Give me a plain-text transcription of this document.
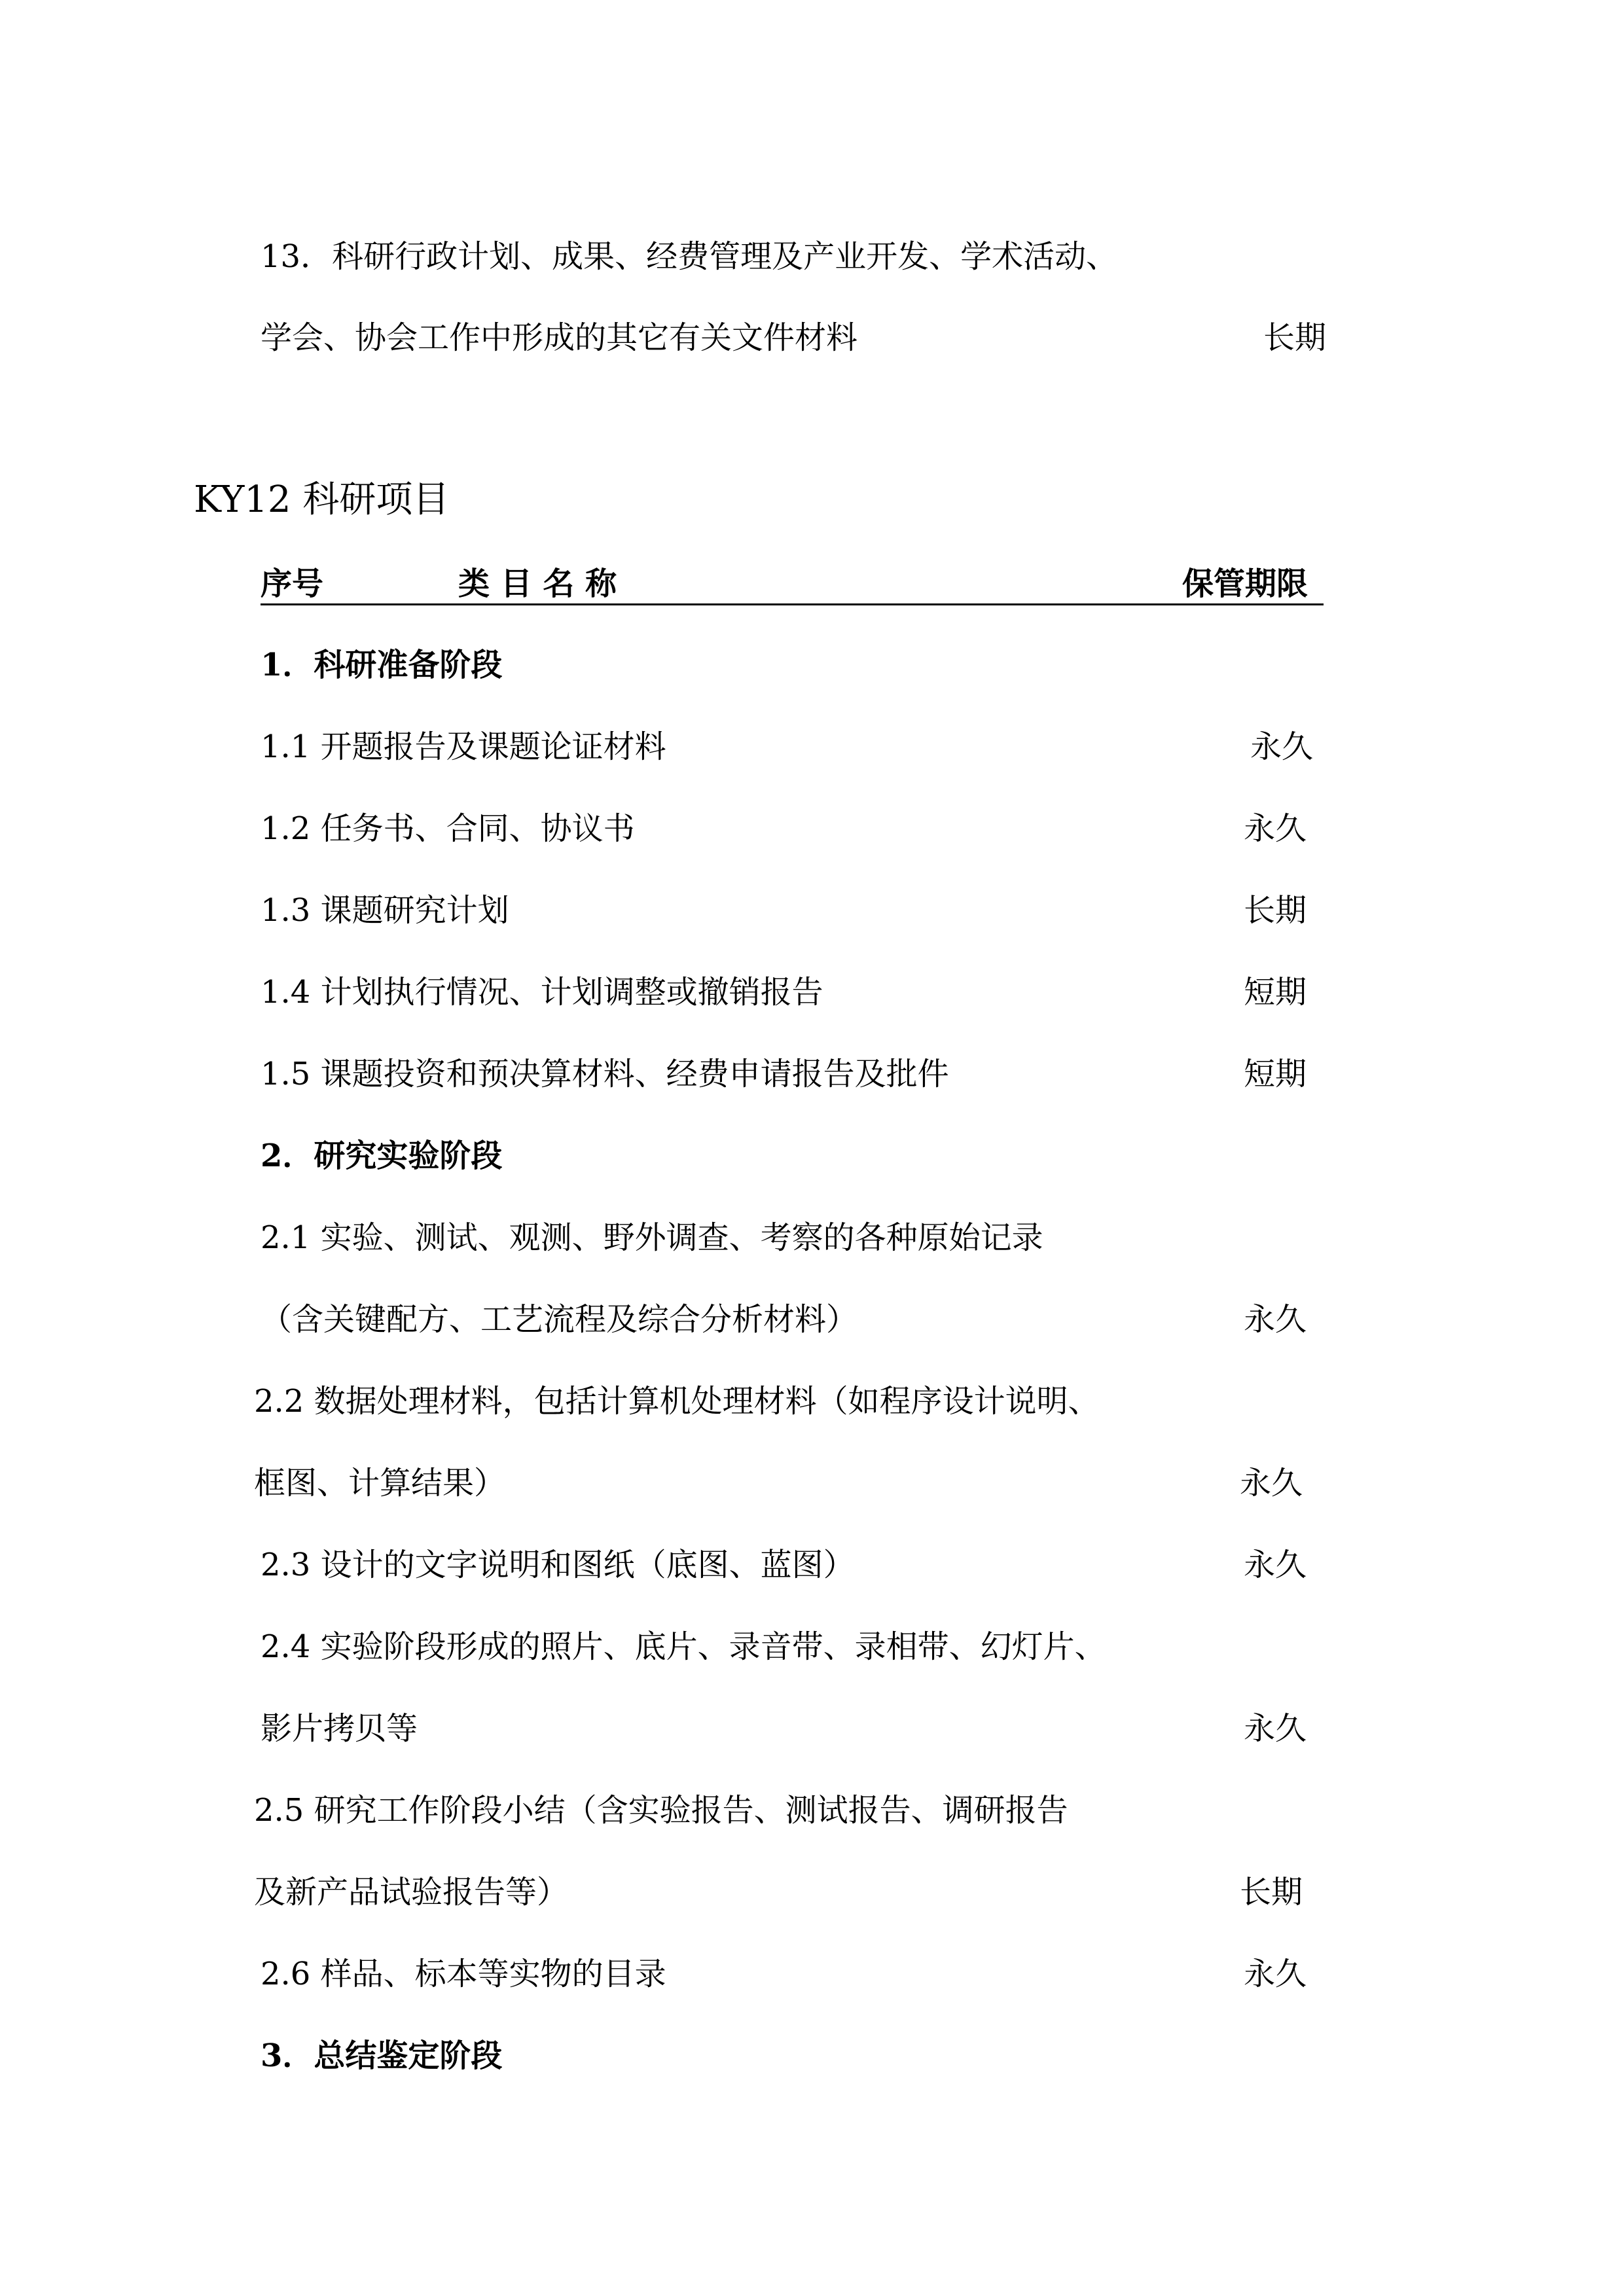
13．科研行政计划、成果、经费管理及产业开发、学术活动、
学会、协会工作中形成的其它有关文件材料	长期
KY12 科研项目
序号	类 目 名 称	保管期限
1．科研准备阶段
1.1 开题报告及课题论证材料	永久
1.2 任务书、合同、协议书	永久
1.3 课题研究计划	长期
1.4 计划执行情况、计划调整或撤销报告	短期
1.5 课题投资和预决算材料、经费申请报告及批件	短期
2．研究实验阶段
2.1 实验、测试、观测、野外调查、考察的各种原始记录
（含关键配方、工艺流程及综合分析材料）	永久
2.2 数据处理材料，包括计算机处理材料（如程序设计说明、
框图、计算结果）	永久
2.3 设计的文字说明和图纸（底图、蓝图）	永久
2.4 实验阶段形成的照片、底片、录音带、录相带、幻灯片、
影片拷贝等	永久
2.5 研究工作阶段小结（含实验报告、测试报告、调研报告
及新产品试验报告等）	长期
2.6 样品、标本等实物的目录	永久
3．总结鉴定阶段
